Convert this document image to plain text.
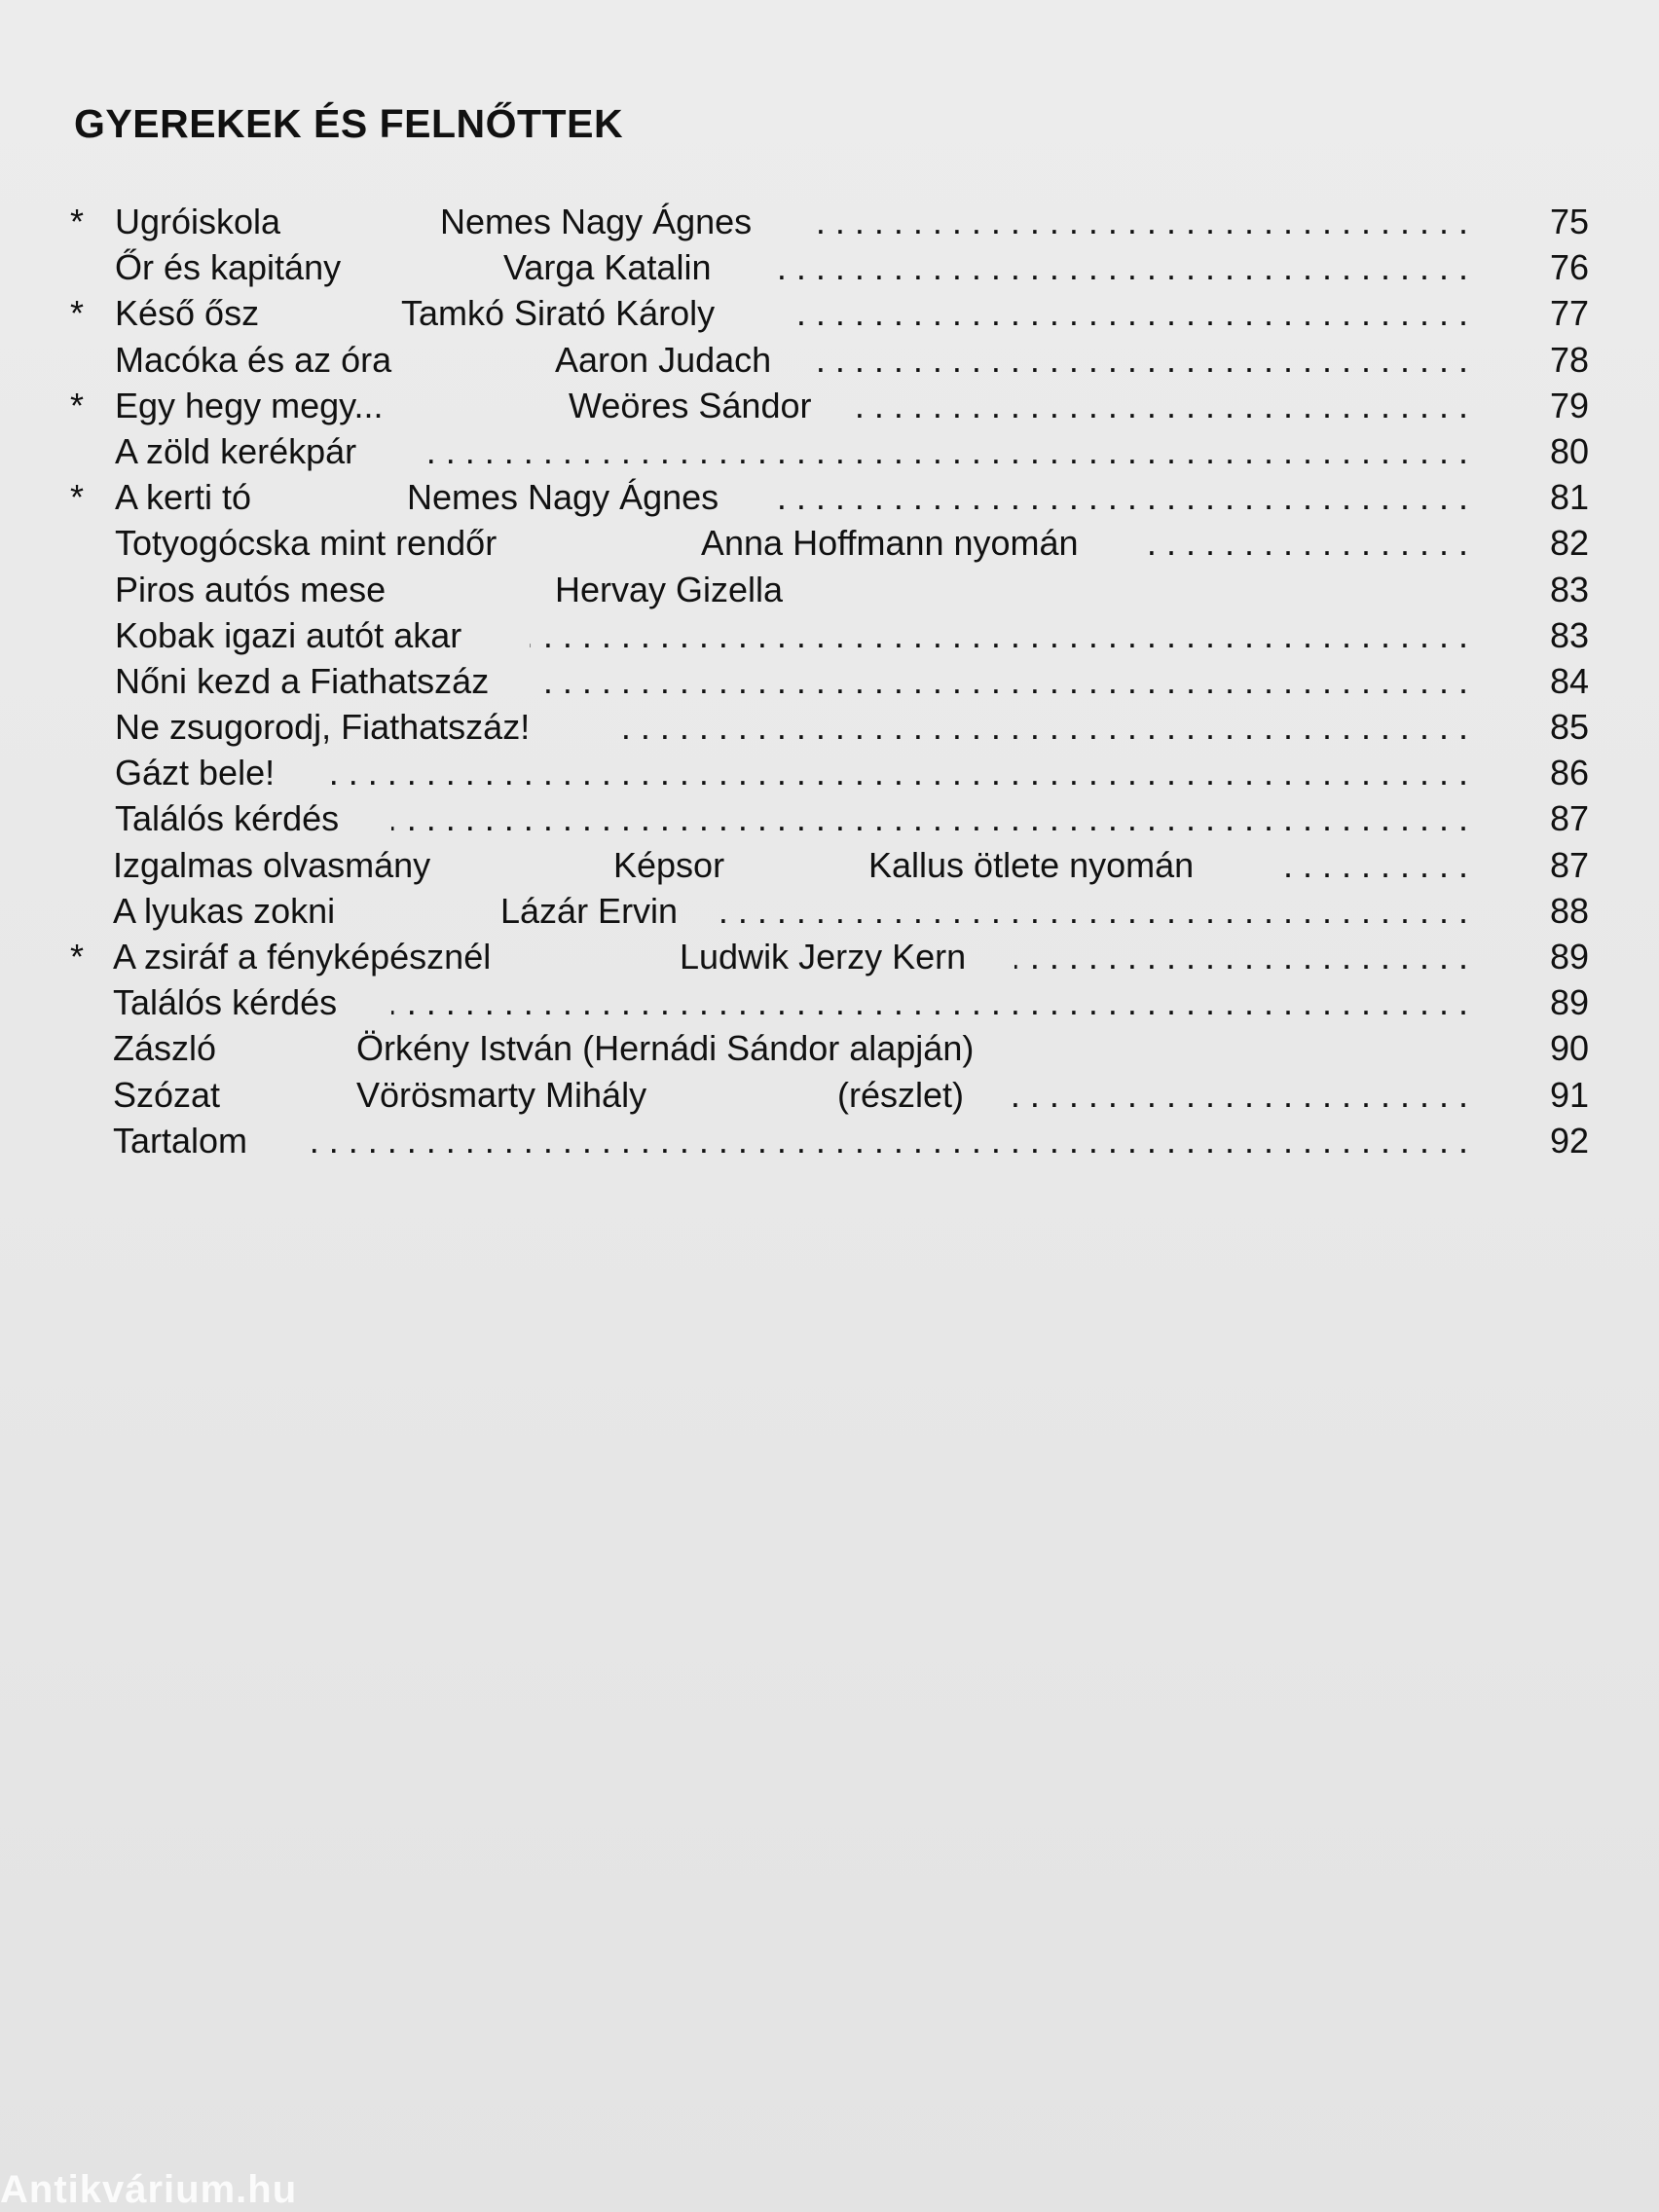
GYEREKEK ÉS FELNŐTTEK
* Ugróiskola	Nemes Nagy Ágnes . . .	75
Őr és kapitány	Varga Katalin . . .	76
* Késő ősz	Tamkó Sirató Károly . . .	77
Macóka és az óra	Aaron Judach . . .	78
* Egy hegy megy...	Weöres Sándor . . .	79
A zöld kerékpár . . .	80
* A kerti tó	Nemes Nagy Ágnes . . .	81
Totyogócska mint rendőr	Anna Hoffmann nyomán . . .	82
Piros autós mese	Hervay Gizella	83
Kobak igazi autót akar . . .	83
Nőni kezd a Fiathatszáz . . .	84
Ne zsugorodj, Fiathatszáz! . . .	85
Gázt bele! . . .	86
Találós kérdés . . .	87
Izgalmas olvasmány	Képsor	Kallus ötlete nyomán . . .	87
A lyukas zokni	Lázár Ervin . . .	88
* A zsiráf a fényképésznél	Ludwik Jerzy Kern . . .	89
Találós kérdés . . .	89
Zászló	Örkény István (Hernádi Sándor alapján)	90
Szózat	Vörösmarty Mihály	(részlet) . . .	91
Tartalom . . .	92
Antikvárium.hu
